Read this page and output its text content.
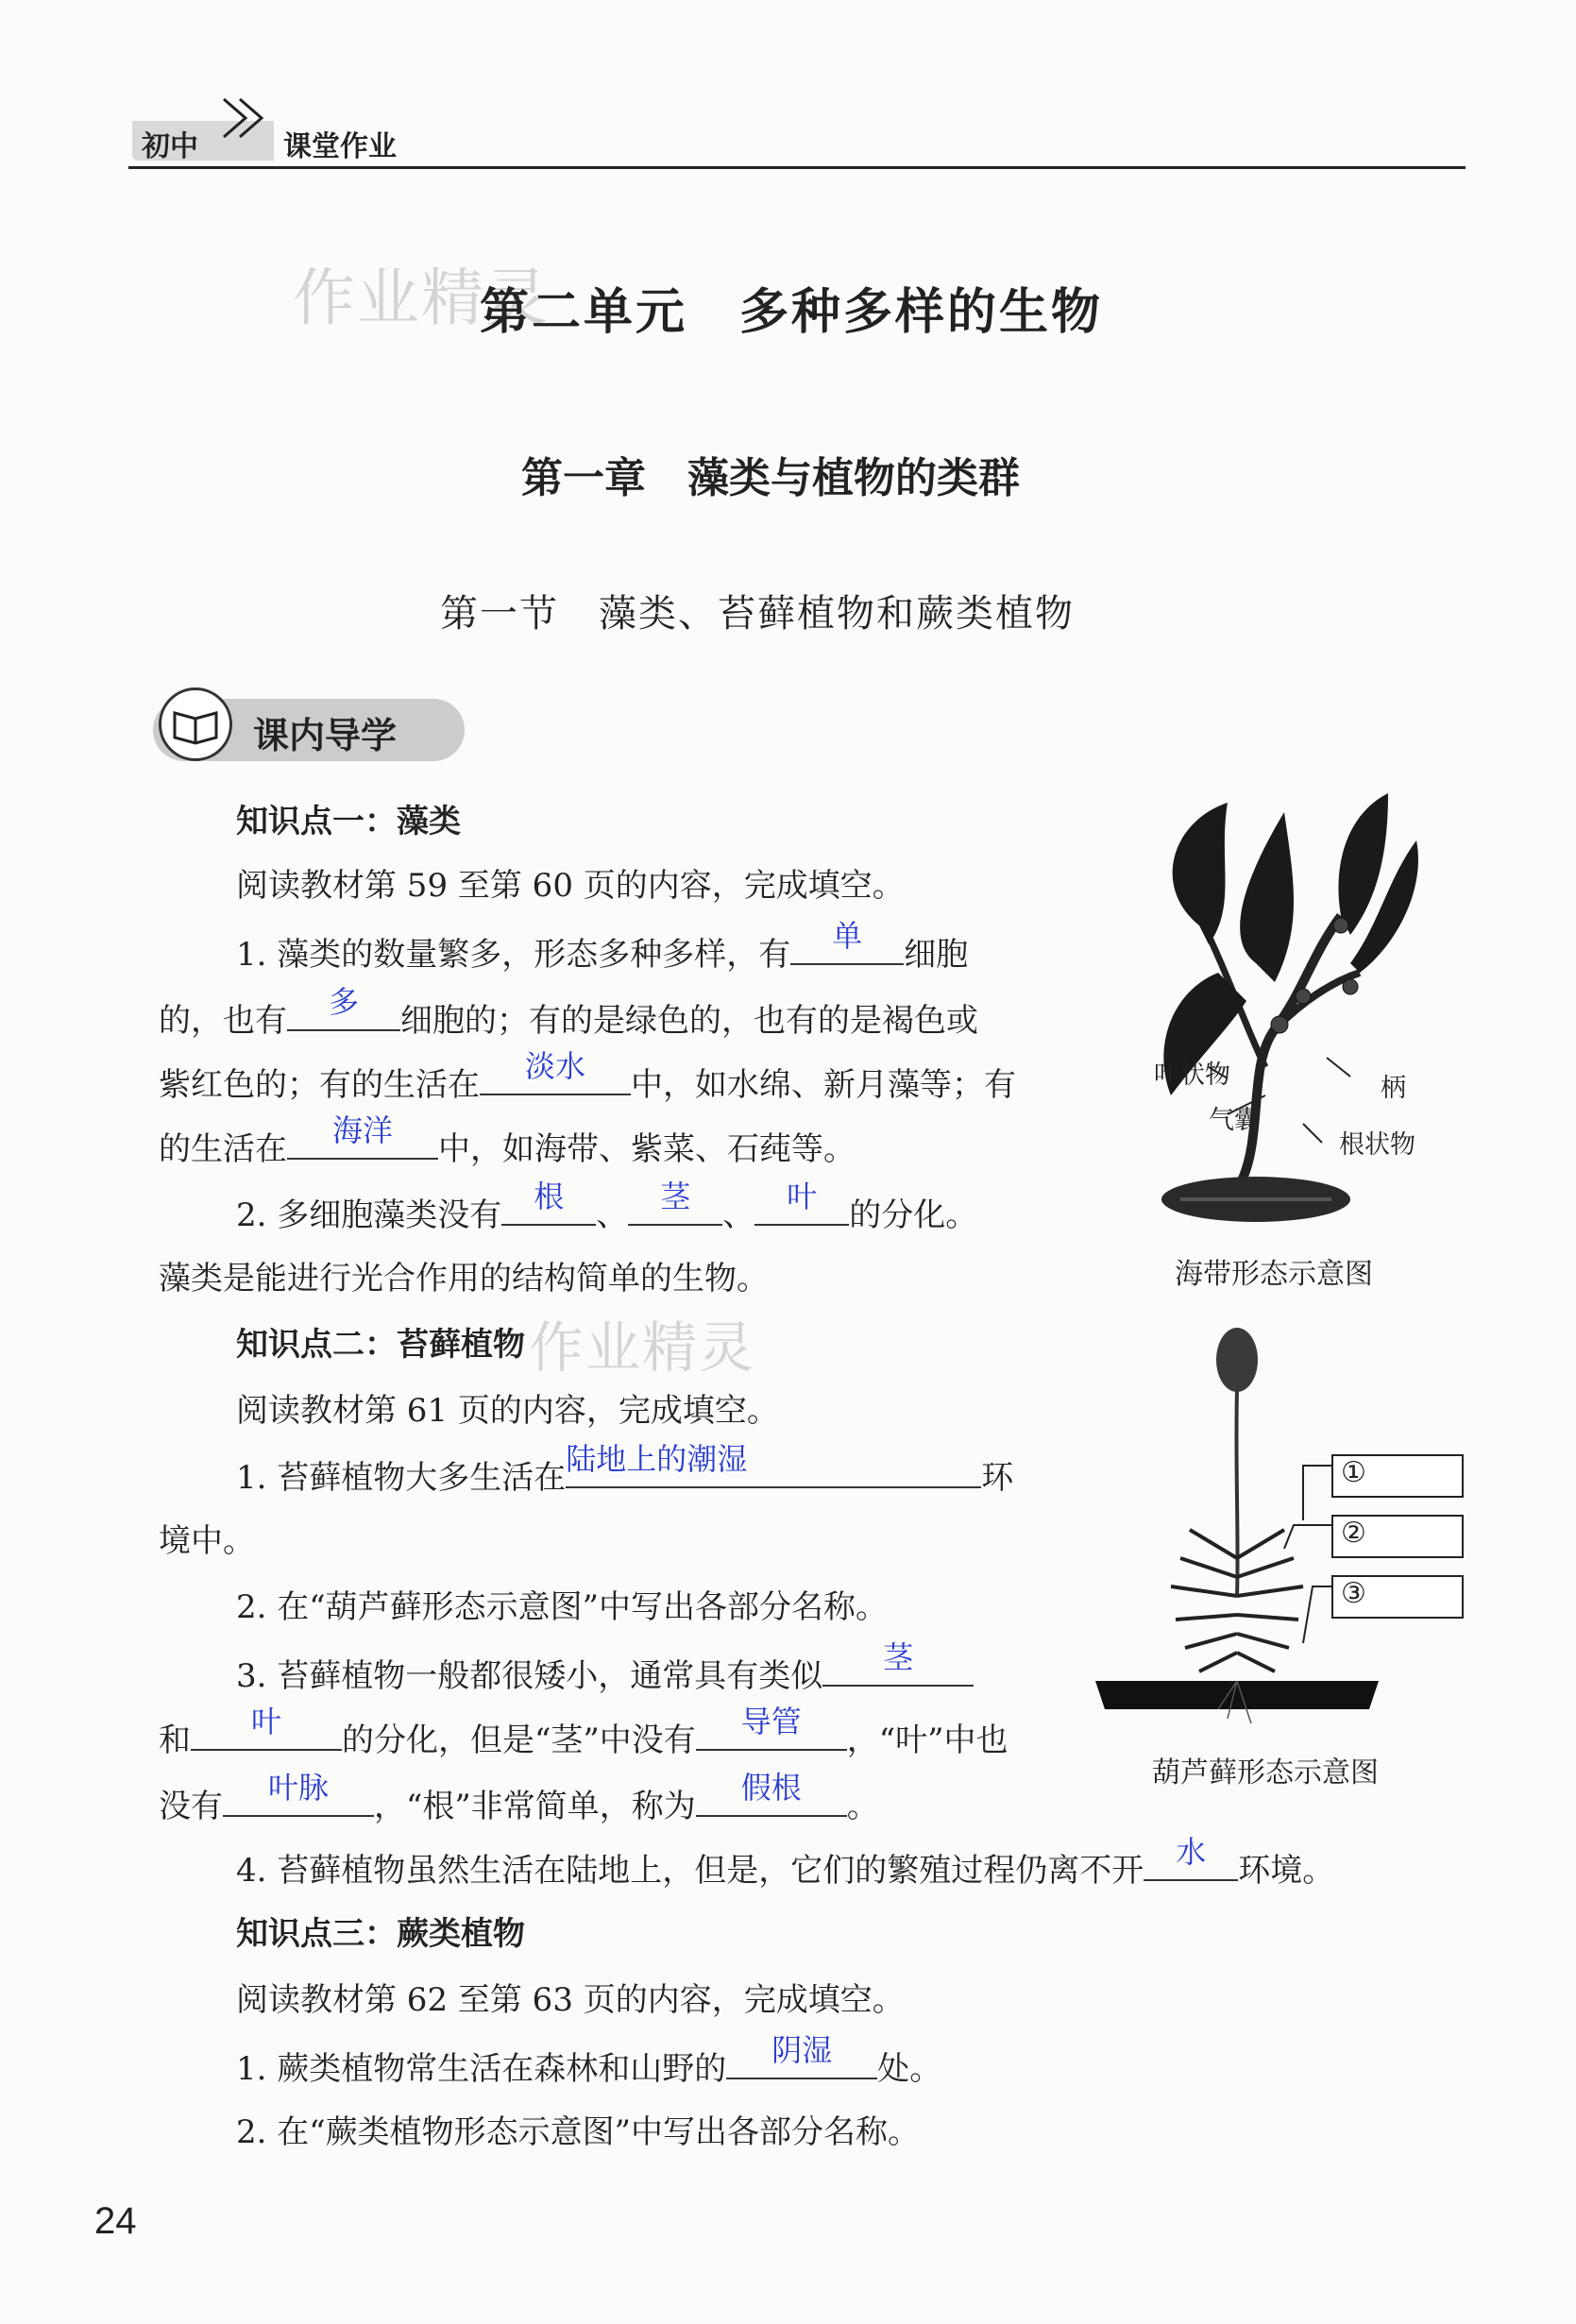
初中	课堂作业
作业精灵
作业精灵
第二单元　多种多样的生物
第一章　藻类与植物的类群
第一节　藻类、苔藓植物和蕨类植物
课内导学
知识点一：藻类
阅读教材第 59 至第 60 页的内容，完成填空。
1. 藻类的数量繁多，形态多种多样，有	单	细胞
的，也有	多	细胞的；有的是绿色的，也有的是褐色或
紫红色的；有的生活在	淡水	中，如水绵、新月藻等；有
的生活在	海洋	中，如海带、紫菜、石莼等。
2. 多细胞藻类没有	根	、	茎	、	叶	的分化。
藻类是能进行光合作用的结构简单的生物。
叶状物	柄
气囊
根状物
海带形态示意图
知识点二：苔藓植物
阅读教材第 61 页的内容，完成填空。
1. 苔藓植物大多生活在 陆地上的潮湿	环
境中。
2. 在“葫芦藓形态示意图”中写出各部分名称。
3. 苔藓植物一般都很矮小，通常具有类似	茎
和	叶	的分化，但是“茎”中没有	导管	，“叶”中也
没有	叶脉	，“根”非常简单，称为	假根	。
4. 苔藓植物虽然生活在陆地上，但是，它们的繁殖过程仍离不开	水	环境。
①
②
③
葫芦藓形态示意图
知识点三：蕨类植物
阅读教材第 62 至第 63 页的内容，完成填空。
1. 蕨类植物常生活在森林和山野的	阴湿	处。
2. 在“蕨类植物形态示意图”中写出各部分名称。
24
